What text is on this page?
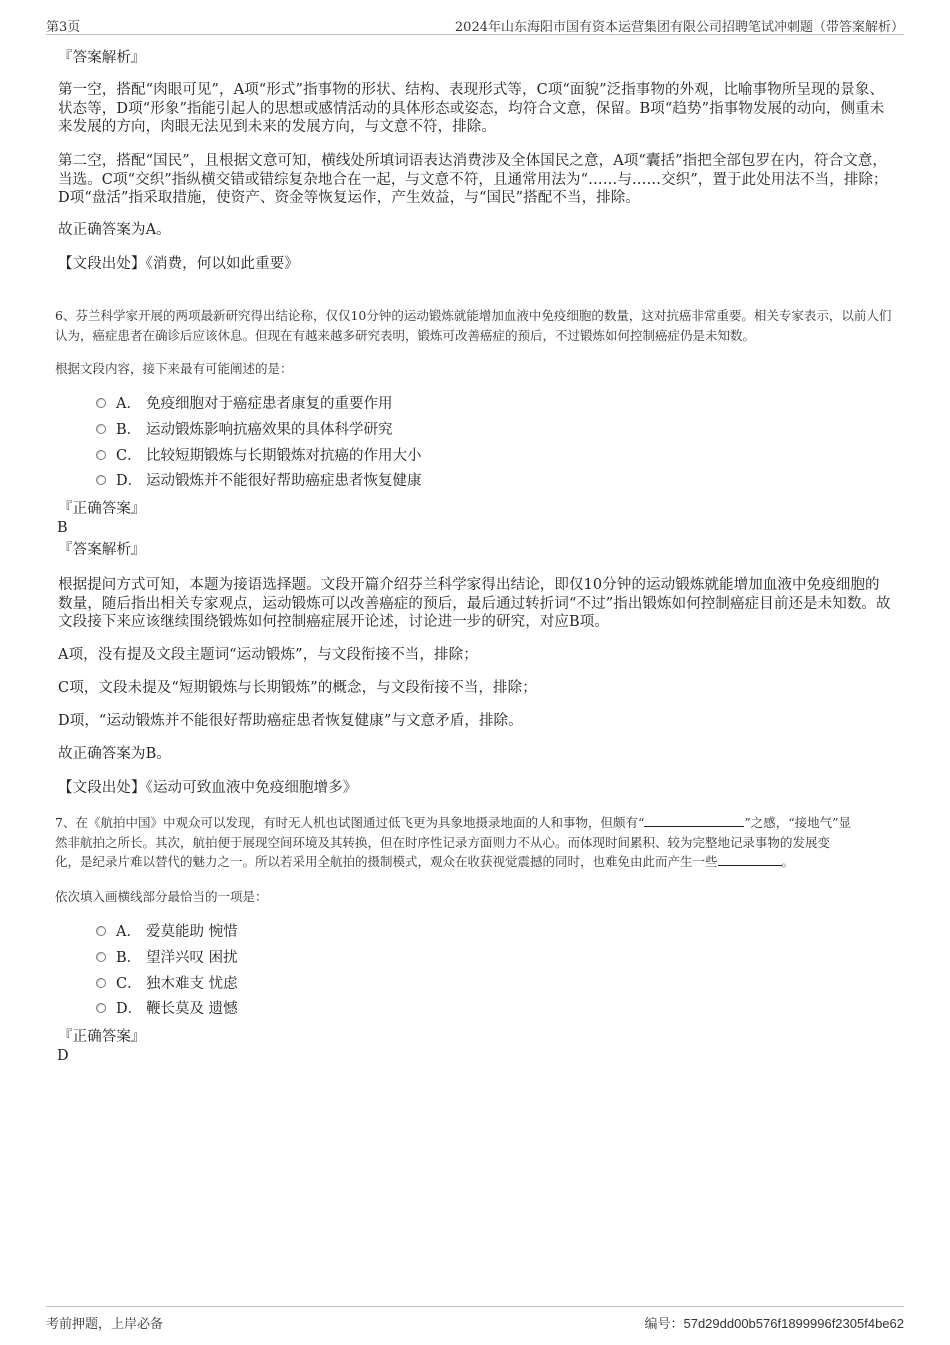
第3页	2024年山东海阳市国有资本运营集团有限公司招聘笔试冲刺题（带答案解析）
『答案解析』
第一空，搭配“肉眼可见”，A项“形式”指事物的形状、结构、表现形式等，C项“面貌”泛指事物的外观，比喻事物所呈现的景象、状态等，D项“形象”指能引起人的思想或感情活动的具体形态或姿态，均符合文意，保留。B项“趋势”指事物发展的动向，侧重未来发展的方向，肉眼无法见到未来的发展方向，与文意不符，排除。
第二空，搭配“国民”，且根据文意可知，横线处所填词语表达消费涉及全体国民之意，A项“囊括”指把全部包罗在内，符合文意，当选。C项“交织”指纵横交错或错综复杂地合在一起，与文意不符，且通常用法为“……与……交织”，置于此处用法不当，排除；D项“盘活”指采取措施，使资产、资金等恢复运作，产生效益，与“国民”搭配不当，排除。
故正确答案为A。
【文段出处】《消费，何以如此重要》
6、芬兰科学家开展的两项最新研究得出结论称，仅仅10分钟的运动锻炼就能增加血液中免疫细胞的数量，这对抗癌非常重要。相关专家表示，以前人们认为，癌症患者在确诊后应该休息。但现在有越来越多研究表明，锻炼可改善癌症的预后，不过锻炼如何控制癌症仍是未知数。
根据文段内容，接下来最有可能阐述的是：
A． 免疫细胞对于癌症患者康复的重要作用
B． 运动锻炼影响抗癌效果的具体科学研究
C． 比较短期锻炼与长期锻炼对抗癌的作用大小
D． 运动锻炼并不能很好帮助癌症患者恢复健康
『正确答案』
B
『答案解析』
根据提问方式可知，本题为接语选择题。文段开篇介绍芬兰科学家得出结论，即仅10分钟的运动锻炼就能增加血液中免疫细胞的数量，随后指出相关专家观点，运动锻炼可以改善癌症的预后，最后通过转折词“不过”指出锻炼如何控制癌症目前还是未知数。故文段接下来应该继续围绕锻炼如何控制癌症展开论述，讨论进一步的研究，对应B项。
A项，没有提及文段主题词“运动锻炼”，与文段衔接不当，排除；
C项，文段未提及“短期锻炼与长期锻炼”的概念，与文段衔接不当，排除；
D项，“运动锻炼并不能很好帮助癌症患者恢复健康”与文意矛盾，排除。
故正确答案为B。
【文段出处】《运动可致血液中免疫细胞增多》
7、在《航拍中国》中观众可以发现，有时无人机也试图通过低飞更为具象地摄录地面的人和事物，但颇有“	”之感，“接地气”显
然非航拍之所长。其次，航拍便于展现空间环境及其转换，但在时序性记录方面则力不从心。而体现时间累积、较为完整地记录事物的发展变
化，是纪录片难以替代的魅力之一。所以若采用全航拍的摄制模式，观众在收获视觉震撼的同时，也难免由此而产生一些	。
依次填入画横线部分最恰当的一项是：
A． 爱莫能助 惋惜
B． 望洋兴叹 困扰
C． 独木难支 忧虑
D． 鞭长莫及 遗憾
『正确答案』
D
考前押题，上岸必备	编号：57d29dd00b576f1899996f2305f4be62
